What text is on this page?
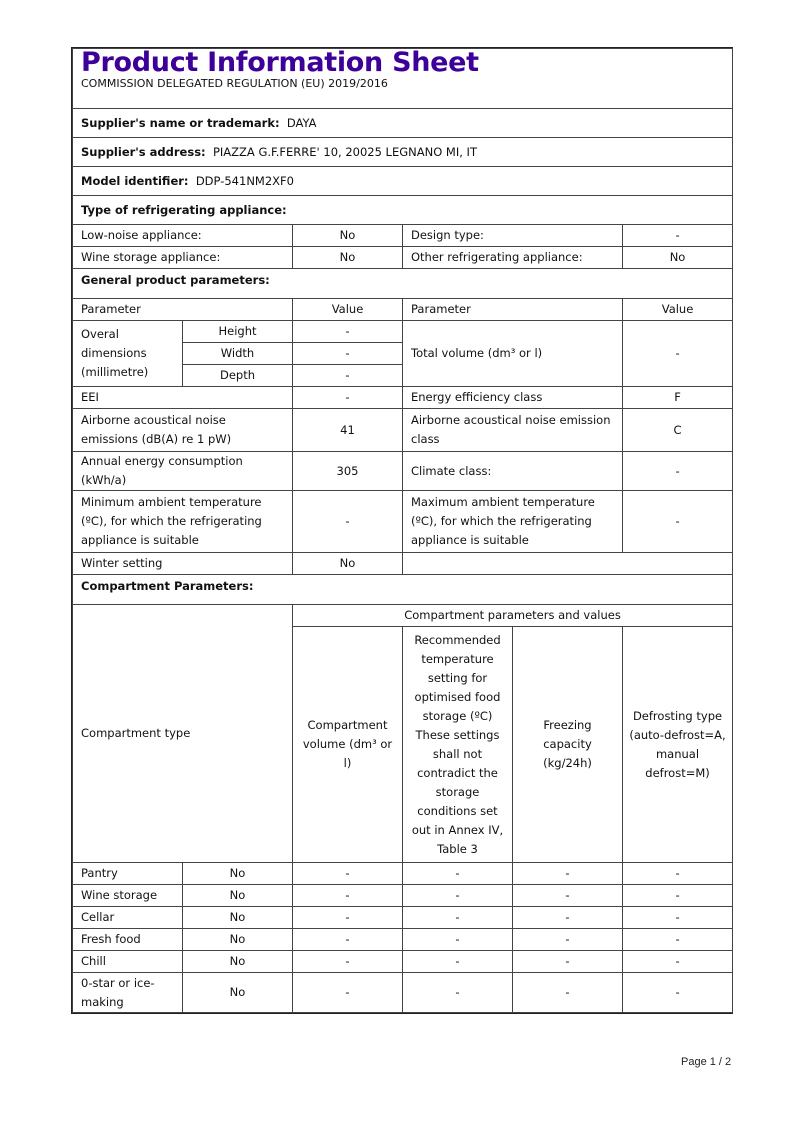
Product Information Sheet					
COMMISSION DELEGATED REGULATION (EU) 2019/2016					
Supplier's name or trademark: DAYA					
Supplier's address: PIAZZA G.F.FERRE' 10, 20025 LEGNANO MI, IT					
Model identifier: DDP-541NM2XF0					
Type of refrigerating appliance:					
Low-noise appliance:		No	Design type:		-
Wine storage appliance:		No	Other refrigerating appliance:		No
General product parameters:					
Parameter		Value	Parameter		Value
Overal dimensions (millimetre)	Height	-	Total volume (dm³ or l)		-
	Width	-			
	Depth	-			
EEI		-	Energy efficiency class		F
Airborne acoustical noise emissions (dB(A) re 1 pW)		41	Airborne acoustical noise emission class		C
Annual energy consumption (kWh/a)		305	Climate class:		-
Minimum ambient temperature (ºC), for which the refrigerating appliance is suitable		-	Maximum ambient temperature (ºC), for which the refrigerating appliance is suitable		-
Winter setting		No			
Compartment Parameters:					
Compartment type		Compartment parameters and values			
		Compartment volume (dm³ or l)	Recommended temperature setting for optimised food storage (ºC) These settings shall not contradict the storage conditions set out in Annex IV, Table 3	Freezing capacity (kg/24h)	Defrosting type (auto-defrost=A, manual defrost=M)
Pantry	No	-	-	-	-
Wine storage	No	-	-	-	-
Cellar	No	-	-	-	-
Fresh food	No	-	-	-	-
Chill	No	-	-	-	-
0-star or ice-making	No	-	-	-	-
Page 1 / 2
